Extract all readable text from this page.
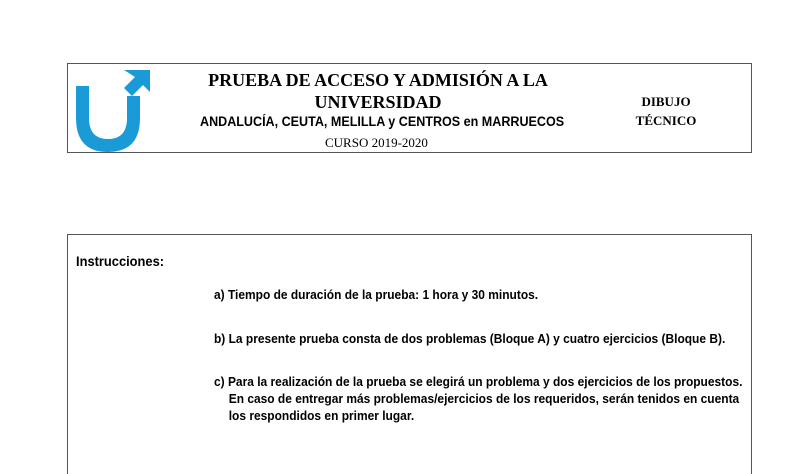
PRUEBA DE ACCESO Y ADMISIÓN A LA
UNIVERSIDAD
ANDALUCÍA, CEUTA, MELILLA y CENTROS en MARRUECOS
CURSO 2019-2020
DIBUJO
TÉCNICO
Instrucciones:
a) Tiempo de duración de la prueba: 1 hora y 30 minutos.
b) La presente prueba consta de dos problemas (Bloque A) y cuatro ejercicios (Bloque B).
c) Para la realización de la prueba se elegirá un problema y dos ejercicios de los propuestos.
En caso de entregar más problemas/ejercicios de los requeridos, serán tenidos en cuenta
los respondidos en primer lugar.
